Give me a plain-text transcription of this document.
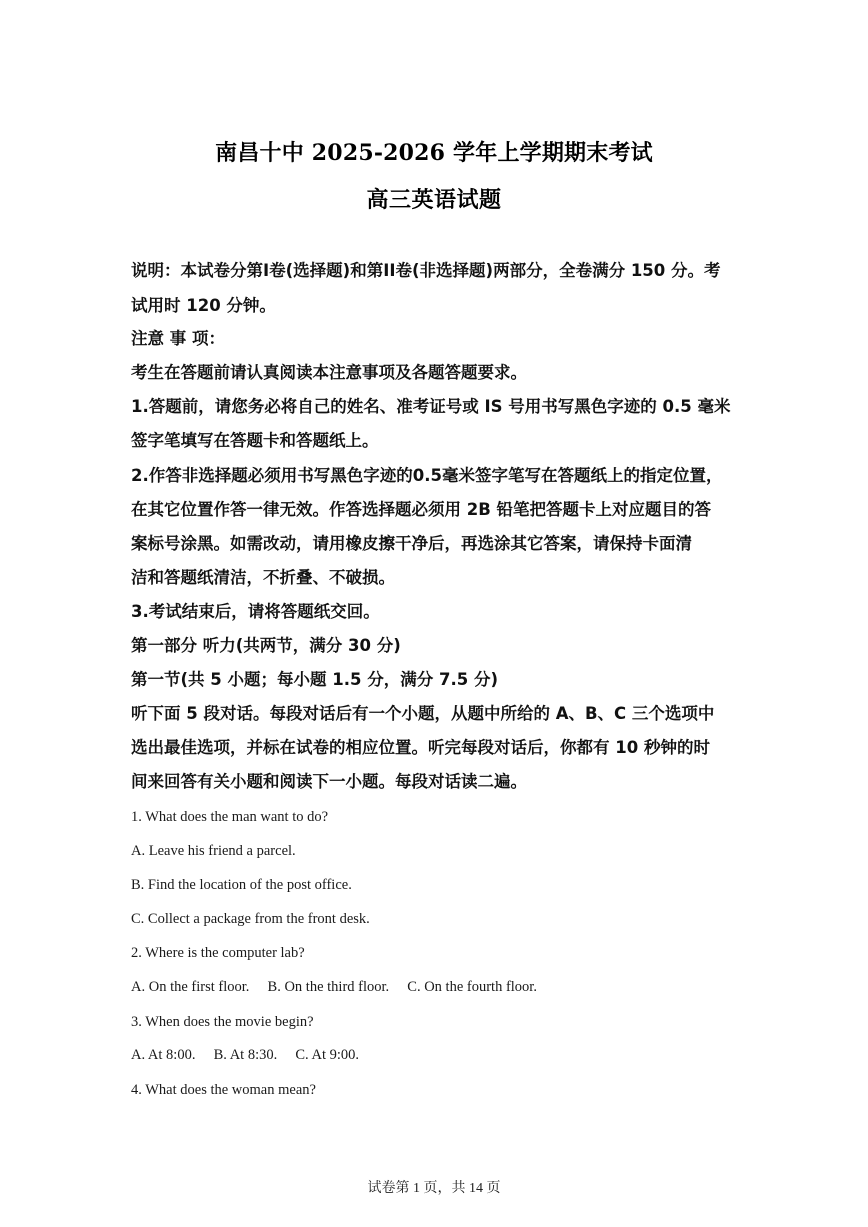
南昌十中 2025-2026 学年上学期期末考试
高三英语试题
说明：本试卷分第I卷(选择题)和第II卷(非选择题)两部分，全卷满分 150 分。考
试用时 120 分钟。
注意 事 项：
考生在答题前请认真阅读本注意事项及各题答题要求。
1.答题前，请您务必将自己的姓名、准考证号或 IS 号用书写黑色字迹的 0.5 毫米
签字笔填写在答题卡和答题纸上。
2.作答非选择题必须用书写黑色字迹的0.5毫米签字笔写在答题纸上的指定位置，
在其它位置作答一律无效。作答选择题必须用 2B 铅笔把答题卡上对应题目的答
案标号涂黑。如需改动，请用橡皮擦干净后，再选涂其它答案，请保持卡面清
洁和答题纸清洁，不折叠、不破损。
3.考试结束后，请将答题纸交回。
第一部分 听力(共两节，满分 30 分)
第一节(共 5 小题；每小题 1.5 分，满分 7.5 分)
听下面 5 段对话。每段对话后有一个小题，从题中所给的 A、B、C 三个选项中
选出最佳选项，并标在试卷的相应位置。听完每段对话后，你都有 10 秒钟的时
间来回答有关小题和阅读下一小题。每段对话读二遍。
1. What does the man want to do?
A. Leave his friend a parcel.
B. Find the location of the post office.
C. Collect a package from the front desk.
2. Where is the computer lab?
A. On the first floor.     B. On the third floor.     C. On the fourth floor.
3. When does the movie begin?
A. At 8:00.     B. At 8:30.     C. At 9:00.
4. What does the woman mean?
试卷第 1 页，共 14 页
